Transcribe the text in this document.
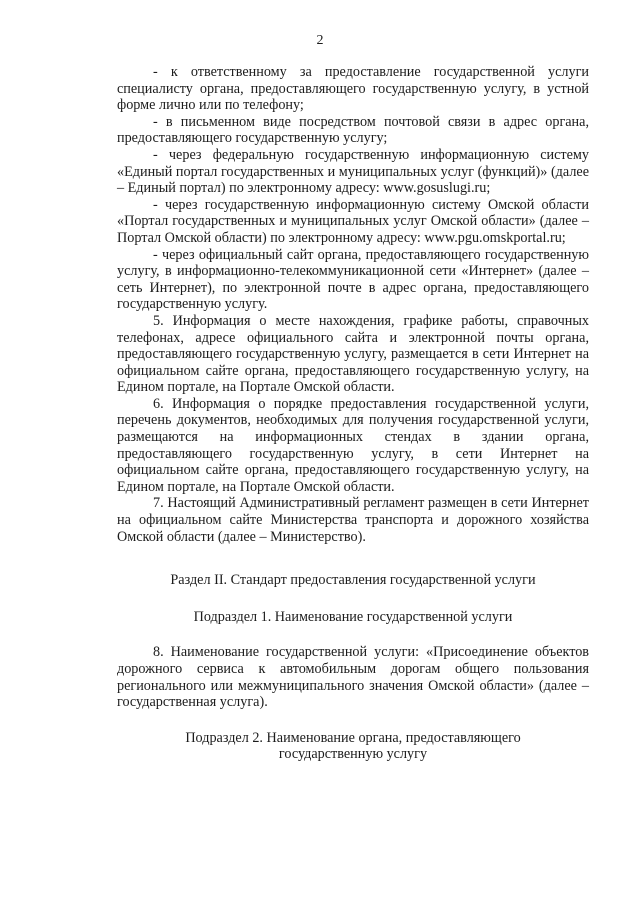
2

- к ответственному за предоставление государственной услуги специалисту органа, предоставляющего государственную услугу, в устной форме лично или по телефону;

- в письменном виде посредством почтовой связи в адрес органа, предоставляющего государственную услугу;

- через федеральную государственную информационную систему «Единый портал государственных и муниципальных услуг (функций)» (далее – Единый портал) по электронному адресу: www.gosuslugi.ru;

- через государственную информационную систему Омской области «Портал государственных и муниципальных услуг Омской области» (далее – Портал Омской области) по электронному адресу: www.pgu.omskportal.ru;

- через официальный сайт органа, предоставляющего государственную услугу, в информационно-телекоммуникационной сети «Интернет» (далее – сеть Интернет), по электронной почте в адрес органа, предоставляющего государственную услугу.

5. Информация о месте нахождения, графике работы, справочных телефонах, адресе официального сайта и электронной почты органа, предоставляющего государственную услугу, размещается в сети Интернет на официальном сайте органа, предоставляющего государственную услугу, на Едином портале, на Портале Омской области.

6. Информация о порядке предоставления государственной услуги, перечень документов, необходимых для получения государственной услуги, размещаются на информационных стендах в здании органа, предоставляющего государственную услугу, в сети Интернет на официальном сайте органа, предоставляющего государственную услугу, на Едином портале, на Портале Омской области.

7. Настоящий Административный регламент размещен в сети Интернет на официальном сайте Министерства транспорта и дорожного хозяйства Омской области (далее – Министерство).

Раздел II. Стандарт предоставления государственной услуги

Подраздел 1. Наименование государственной услуги

8. Наименование государственной услуги: «Присоединение объектов дорожного сервиса к автомобильным дорогам общего пользования регионального или межмуниципального значения Омской области» (далее – государственная услуга).

Подраздел 2. Наименование органа, предоставляющего
государственную услугу
